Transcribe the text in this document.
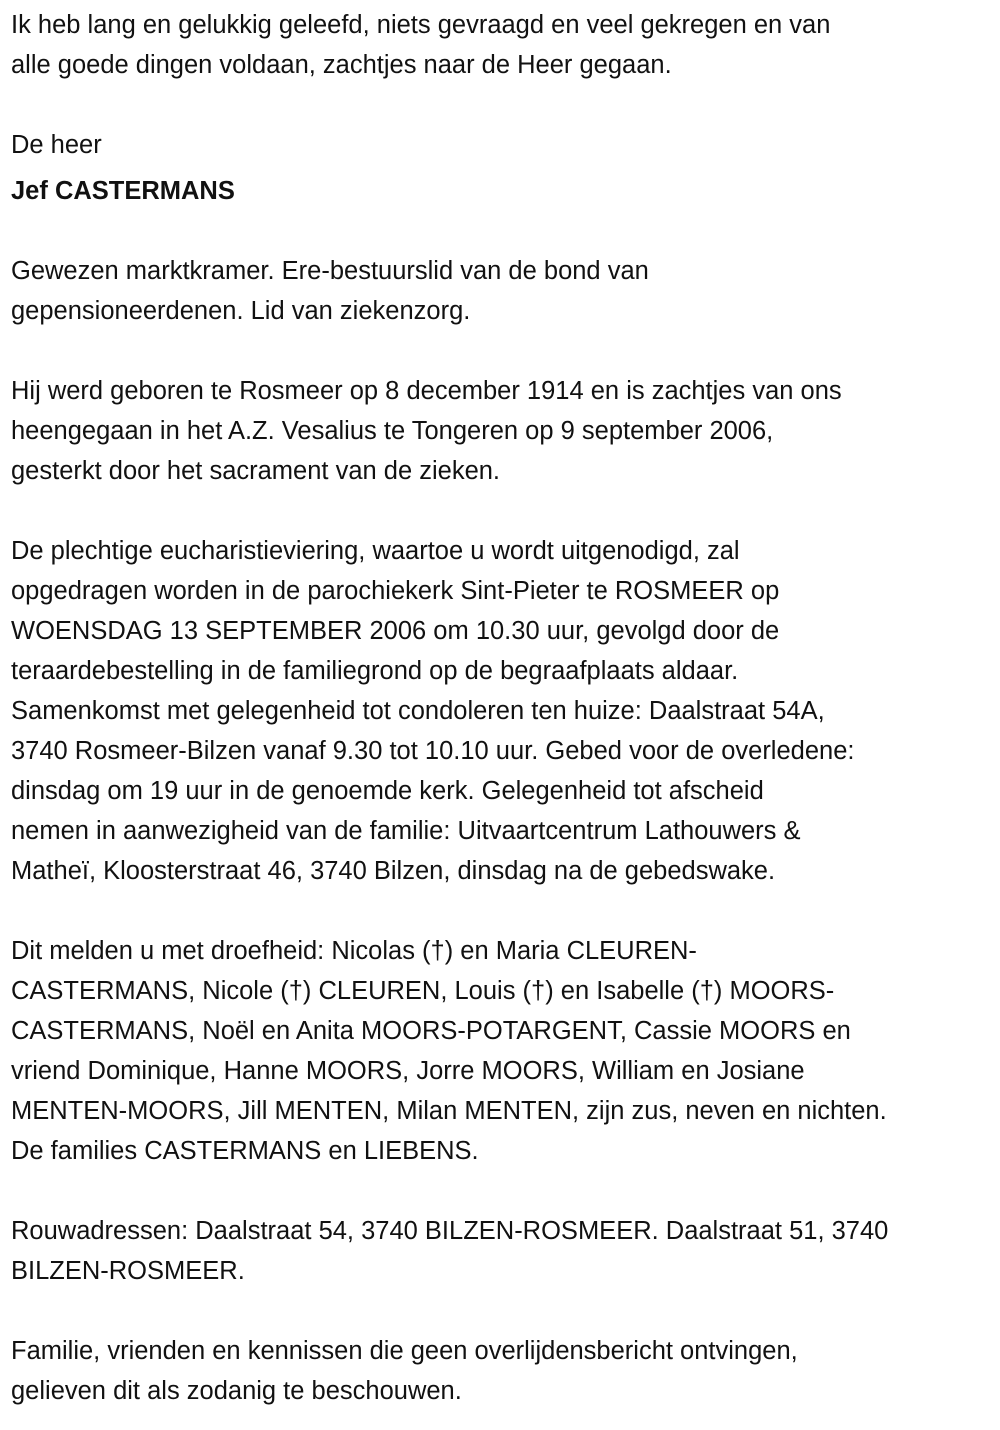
Ik heb lang en gelukkig geleefd, niets gevraagd en veel gekregen en van
alle goede dingen voldaan, zachtjes naar de Heer gegaan.
De heer
Jef CASTERMANS
Gewezen marktkramer. Ere-bestuurslid van de bond van
gepensioneerdenen. Lid van ziekenzorg.
Hij werd geboren te Rosmeer op 8 december 1914 en is zachtjes van ons
heengegaan in het A.Z. Vesalius te Tongeren op 9 september 2006,
gesterkt door het sacrament van de zieken.
De plechtige eucharistieviering, waartoe u wordt uitgenodigd, zal
opgedragen worden in de parochiekerk Sint-Pieter te ROSMEER op
WOENSDAG 13 SEPTEMBER 2006 om 10.30 uur, gevolgd door de
teraardebestelling in de familiegrond op de begraafplaats aldaar.
Samenkomst met gelegenheid tot condoleren ten huize: Daalstraat 54A,
3740 Rosmeer-Bilzen vanaf 9.30 tot 10.10 uur. Gebed voor de overledene:
dinsdag om 19 uur in de genoemde kerk. Gelegenheid tot afscheid
nemen in aanwezigheid van de familie: Uitvaartcentrum Lathouwers &
Matheï, Kloosterstraat 46, 3740 Bilzen, dinsdag na de gebedswake.
Dit melden u met droefheid: Nicolas (†) en Maria CLEUREN-
CASTERMANS, Nicole (†) CLEUREN, Louis (†) en Isabelle (†) MOORS-
CASTERMANS, Noël en Anita MOORS-POTARGENT, Cassie MOORS en
vriend Dominique, Hanne MOORS, Jorre MOORS, William en Josiane
MENTEN-MOORS, Jill MENTEN, Milan MENTEN, zijn zus, neven en nichten.
De families CASTERMANS en LIEBENS.
Rouwadressen: Daalstraat 54, 3740 BILZEN-ROSMEER. Daalstraat 51, 3740
BILZEN-ROSMEER.
Familie, vrienden en kennissen die geen overlijdensbericht ontvingen,
gelieven dit als zodanig te beschouwen.
